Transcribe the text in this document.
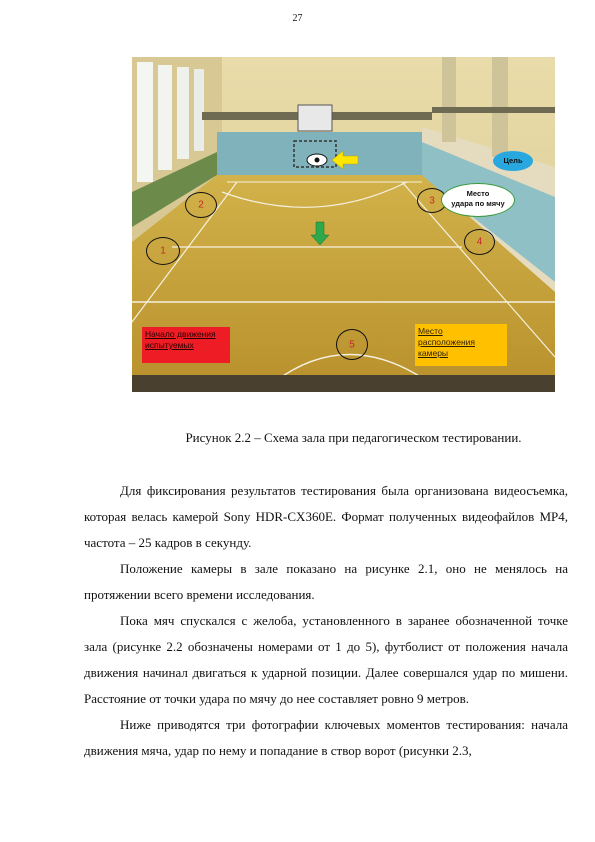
27
1
2	3
4
5
Цель
Место
удара по мячу
Начало движения
испытуемых
Место
расположения
камеры
Рисунок 2.2 – Схема зала при педагогическом тестировании.

Для фиксирования результатов тестирования была организована видеосъемка, которая велась камерой Sony HDR-CX360E. Формат полученных видеофайлов MP4, частота – 25 кадров в секунду.

Положение камеры в зале показано на рисунке 2.1, оно не менялось на протяжении всего времени исследования.

Пока мяч спускался с желоба, установленного в заранее обозначенной точке зала (рисунке 2.2 обозначены номерами от 1 до 5), футболист от положения начала движения начинал двигаться к ударной позиции. Далее совершался удар по мишени. Расстояние от точки удара по мячу до нее составляет ровно 9 метров.

Ниже приводятся три фотографии ключевых моментов тестирования: начала движения мяча, удар по нему и попадание в створ ворот (рисунки 2.3,
